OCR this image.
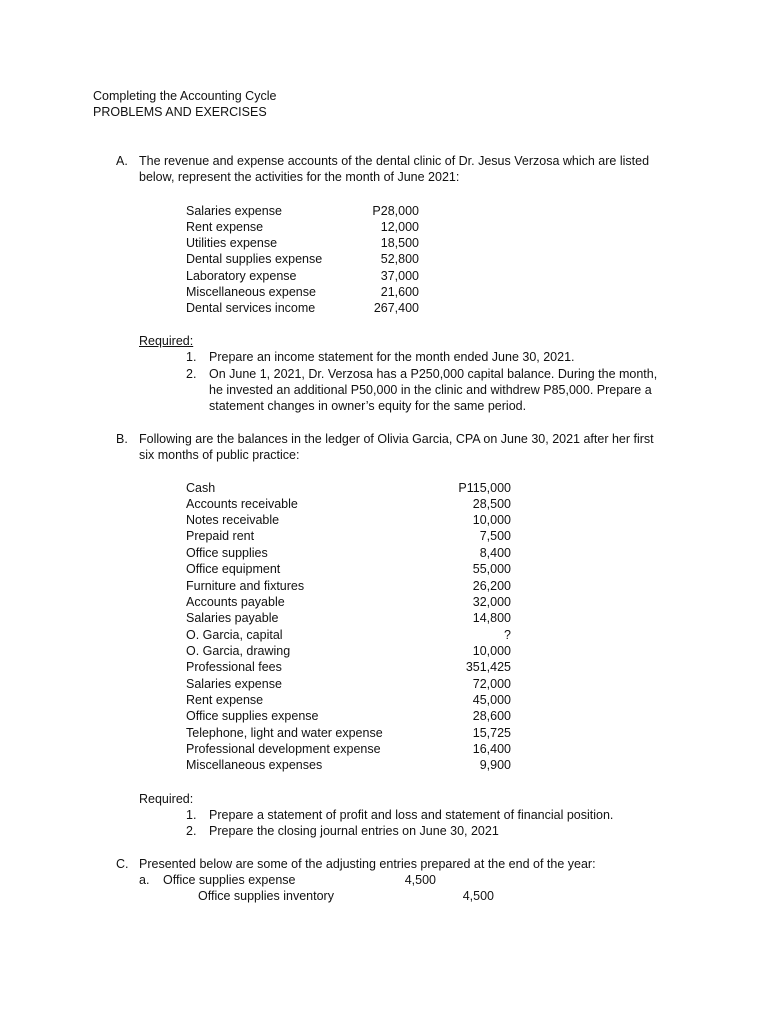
Completing the Accounting Cycle
PROBLEMS AND EXERCISES
A. The revenue and expense accounts of the dental clinic of Dr. Jesus Verzosa which are listed
below, represent the activities for the month of June 2021:
Salaries expense	P28,000
Rent expense	12,000
Utilities expense	18,500
Dental supplies expense	52,800
Laboratory expense	37,000
Miscellaneous expense	21,600
Dental services income	267,400
Required:
1. Prepare an income statement for the month ended June 30, 2021.
2. On June 1, 2021, Dr. Verzosa has a P250,000 capital balance. During the month,
he invested an additional P50,000 in the clinic and withdrew P85,000. Prepare a
statement changes in owner’s equity for the same period.
B. Following are the balances in the ledger of Olivia Garcia, CPA on June 30, 2021 after her first
six months of public practice:
Cash	P115,000
Accounts receivable	28,500
Notes receivable	10,000
Prepaid rent	7,500
Office supplies	8,400
Office equipment	55,000
Furniture and fixtures	26,200
Accounts payable	32,000
Salaries payable	14,800
O. Garcia, capital	?
O. Garcia, drawing	10,000
Professional fees	351,425
Salaries expense	72,000
Rent expense	45,000
Office supplies expense	28,600
Telephone, light and water expense	15,725
Professional development expense	16,400
Miscellaneous expenses	9,900
Required:
1. Prepare a statement of profit and loss and statement of financial position.
2. Prepare the closing journal entries on June 30, 2021
C. Presented below are some of the adjusting entries prepared at the end of the year:
a. Office supplies expense	4,500
Office supplies inventory	4,500
